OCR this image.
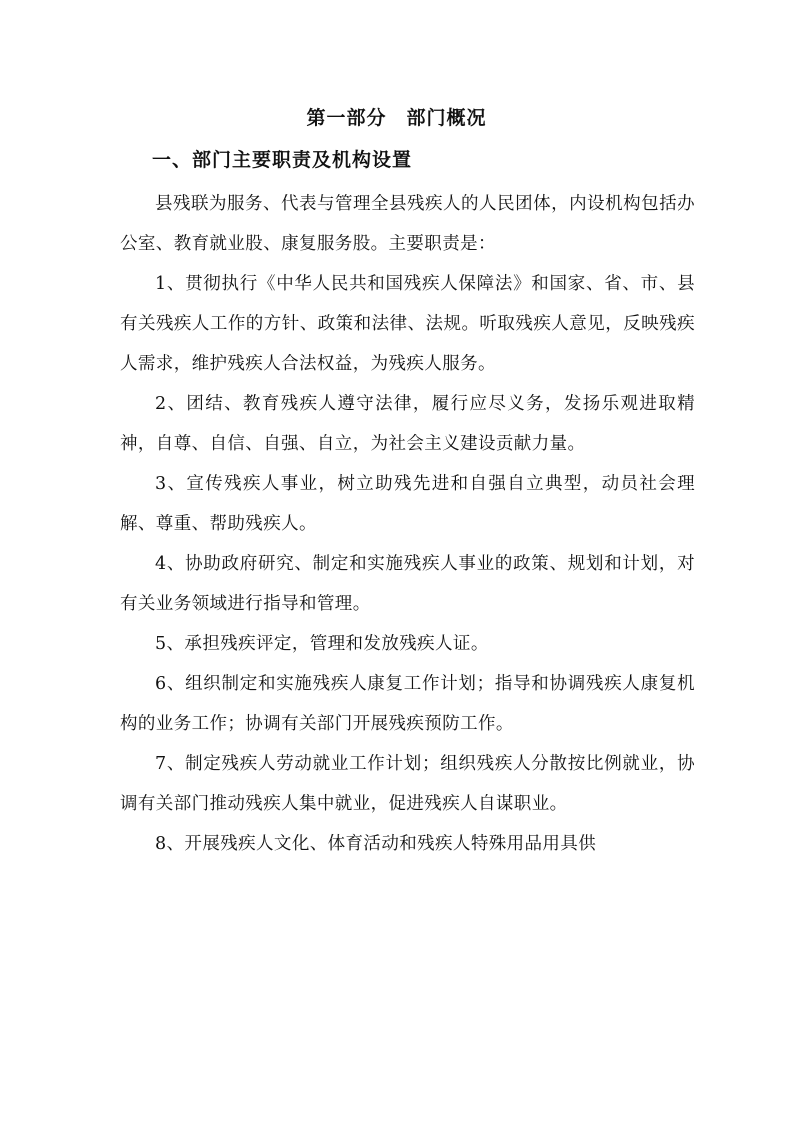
第一部分　部门概况
一、部门主要职责及机构设置

县残联为服务、代表与管理全县残疾人的人民团体，内设机构包括办公室、教育就业股、康复服务股。主要职责是：

1、贯彻执行《中华人民共和国残疾人保障法》和国家、省、市、县有关残疾人工作的方针、政策和法律、法规。听取残疾人意见，反映残疾人需求，维护残疾人合法权益，为残疾人服务。

2、团结、教育残疾人遵守法律，履行应尽义务，发扬乐观进取精神，自尊、自信、自强、自立，为社会主义建设贡献力量。

3、宣传残疾人事业，树立助残先进和自强自立典型，动员社会理解、尊重、帮助残疾人。

4、协助政府研究、制定和实施残疾人事业的政策、规划和计划，对有关业务领域进行指导和管理。

5、承担残疾评定，管理和发放残疾人证。

6、组织制定和实施残疾人康复工作计划；指导和协调残疾人康复机构的业务工作；协调有关部门开展残疾预防工作。

7、制定残疾人劳动就业工作计划；组织残疾人分散按比例就业，协调有关部门推动残疾人集中就业，促进残疾人自谋职业。

8、开展残疾人文化、体育活动和残疾人特殊用品用具供
